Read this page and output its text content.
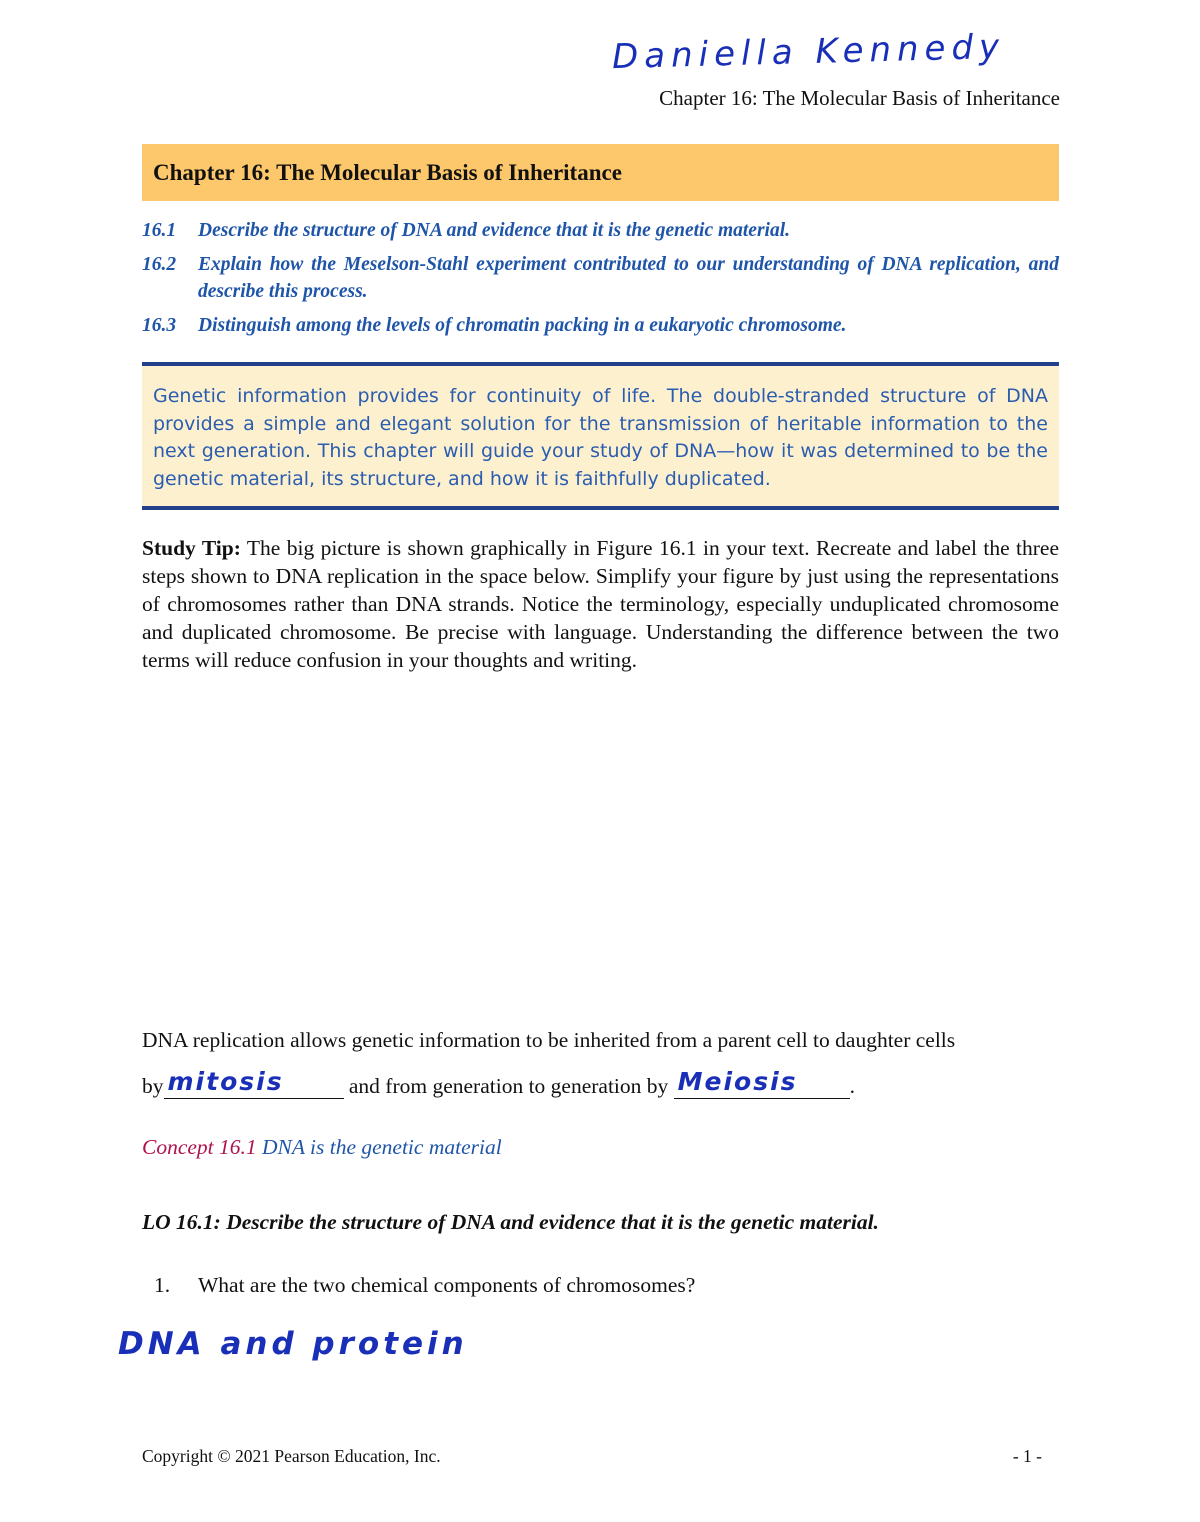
Daniella Kennedy
Chapter 16: The Molecular Basis of Inheritance
Chapter 16: The Molecular Basis of Inheritance
16.1	Describe the structure of DNA and evidence that it is the genetic material.
16.2	Explain how the Meselson-Stahl experiment contributed to our understanding of DNA replication, and describe this process.
16.3	Distinguish among the levels of chromatin packing in a eukaryotic chromosome.

Genetic information provides for continuity of life. The double-stranded structure of DNA provides a simple and elegant solution for the transmission of heritable information to the next generation. This chapter will guide your study of DNA—how it was determined to be the genetic material, its structure, and how it is faithfully duplicated.

Study Tip: The big picture is shown graphically in Figure 16.1 in your text. Recreate and label the three steps shown to DNA replication in the space below. Simplify your figure by just using the representations of chromosomes rather than DNA strands. Notice the terminology, especially unduplicated chromosome and duplicated chromosome. Be precise with language. Understanding the difference between the two terms will reduce confusion in your thoughts and writing.

DNA replication allows genetic information to be inherited from a parent cell to daughter cells

by mitosis	and from generation to generation by Meiosis .
Concept 16.1 DNA is the genetic material
LO 16.1: Describe the structure of DNA and evidence that it is the genetic material.
1.	What are the two chemical components of chromosomes?
DNA and protein
Copyright © 2021 Pearson Education, Inc.	- 1 -
